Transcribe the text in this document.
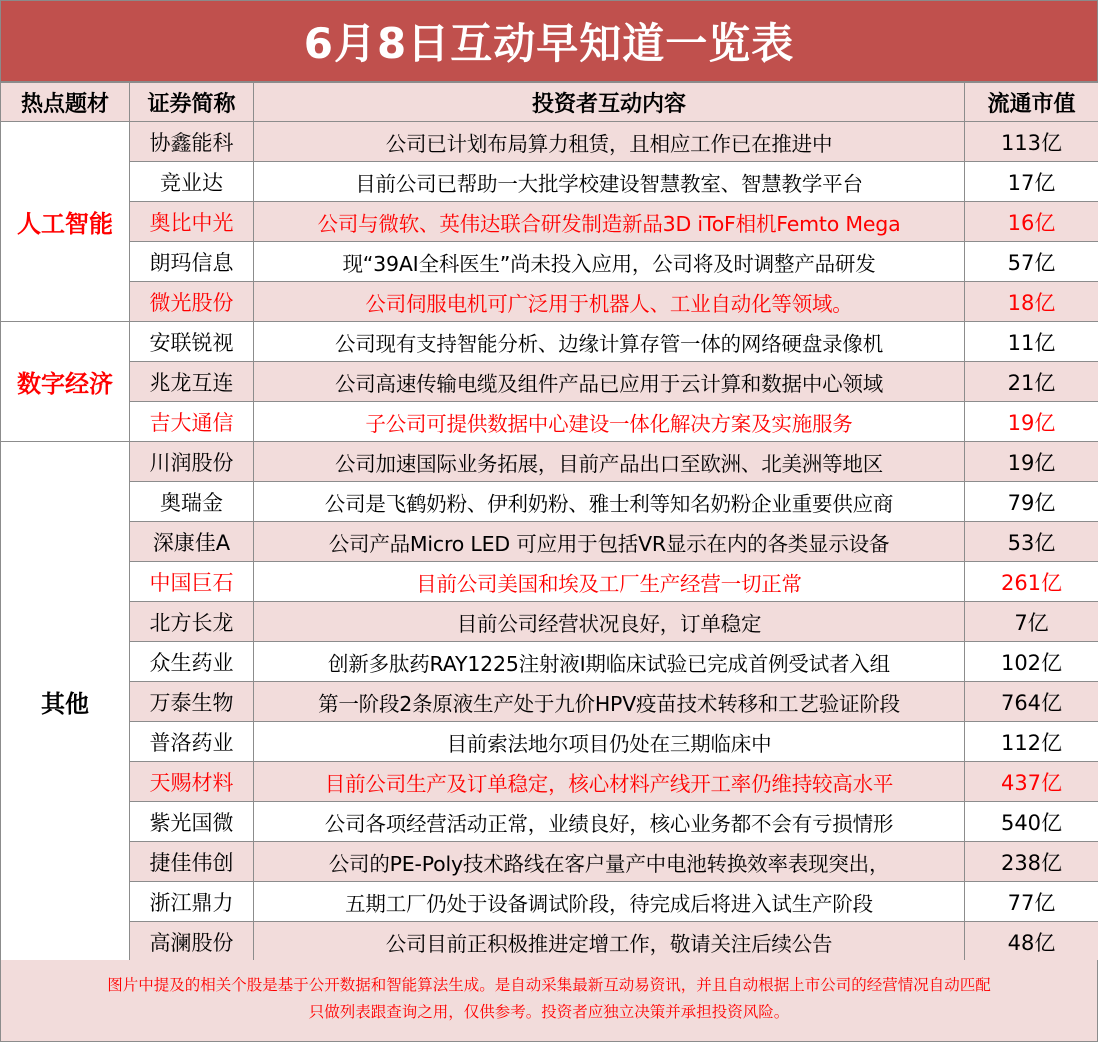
6月8日互动早知道一览表
热点题材	证券简称	投资者互动内容	流通市值
人工智能	协鑫能科	公司已计划布局算力租赁，且相应工作已在推进中	113亿
	竞业达	目前公司已帮助一大批学校建设智慧教室、智慧教学平台	17亿
	奥比中光	公司与微软、英伟达联合研发制造新品3D iToF相机Femto Mega	16亿
	朗玛信息	现“39AI全科医生”尚未投入应用，公司将及时调整产品研发	57亿
	微光股份	公司伺服电机可广泛用于机器人、工业自动化等领域。	18亿
数字经济	安联锐视	公司现有支持智能分析、边缘计算存管一体的网络硬盘录像机	11亿
	兆龙互连	公司高速传输电缆及组件产品已应用于云计算和数据中心领域	21亿
	吉大通信	子公司可提供数据中心建设一体化解决方案及实施服务	19亿
其他	川润股份	公司加速国际业务拓展，目前产品出口至欧洲、北美洲等地区	19亿
	奥瑞金	公司是飞鹤奶粉、伊利奶粉、雅士利等知名奶粉企业重要供应商	79亿
	深康佳A	公司产品Micro LED 可应用于包括VR显示在内的各类显示设备	53亿
	中国巨石	目前公司美国和埃及工厂生产经营一切正常	261亿
	北方长龙	目前公司经营状况良好，订单稳定	7亿
	众生药业	创新多肽药RAY1225注射液I期临床试验已完成首例受试者入组	102亿
	万泰生物	第一阶段2条原液生产处于九价HPV疫苗技术转移和工艺验证阶段	764亿
	普洛药业	目前索法地尔项目仍处在三期临床中	112亿
	天赐材料	目前公司生产及订单稳定，核心材料产线开工率仍维持较高水平	437亿
	紫光国微	公司各项经营活动正常，业绩良好，核心业务都不会有亏损情形	540亿
	捷佳伟创	公司的PE-Poly技术路线在客户量产中电池转换效率表现突出，	238亿
	浙江鼎力	五期工厂仍处于设备调试阶段，待完成后将进入试生产阶段	77亿
	高澜股份	公司目前正积极推进定增工作，敬请关注后续公告	48亿
图片中提及的相关个股是基于公开数据和智能算法生成。是自动采集最新互动易资讯，并且自动根据上市公司的经营情况自动匹配
只做列表跟查询之用，仅供参考。投资者应独立决策并承担投资风险。
